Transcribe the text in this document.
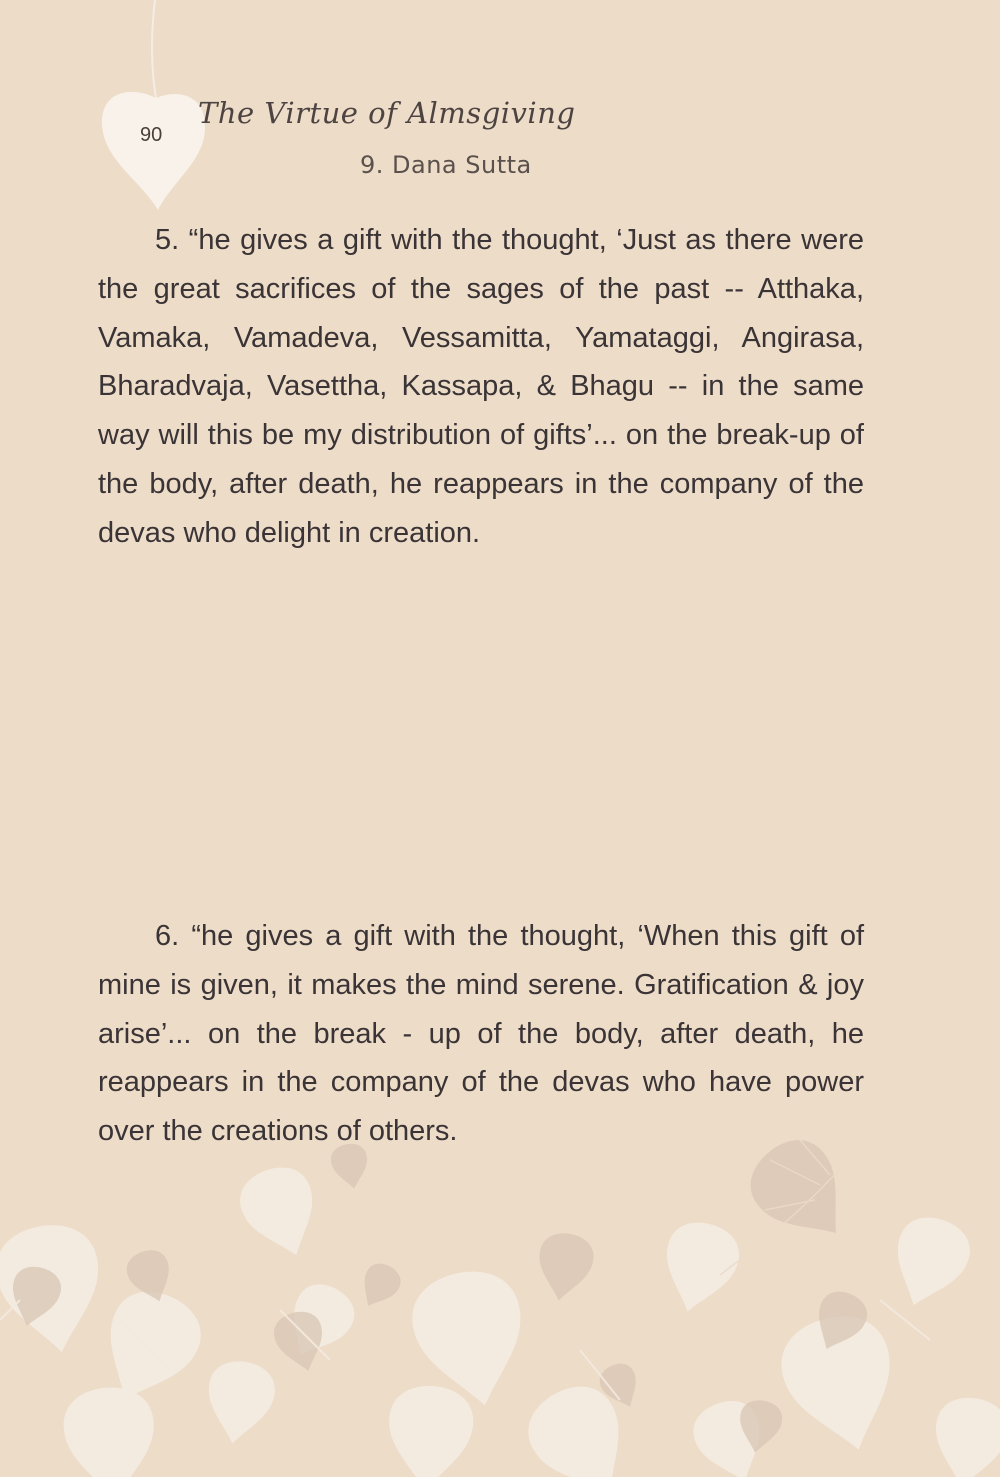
90
The Virtue of Almsgiving
9. Dana Sutta

5. “he gives a gift with the thought, ‘Just as there were the great sacrifices of the sages of the past -- Atthaka, Vamaka, Vamadeva, Vessamitta, Yamataggi, Angirasa, Bharadvaja, Vasettha, Kassapa, & Bhagu -- in the same way will this be my distribution of gifts’... on the break-up of the body, after death, he reappears in the company of the devas who delight in creation.

6. “he gives a gift with the thought, ‘When this gift of mine is given, it makes the mind serene. Gratification & joy arise’... on the break - up of the body, after death, he reappears in the company of the devas who have power over the creations of others.
